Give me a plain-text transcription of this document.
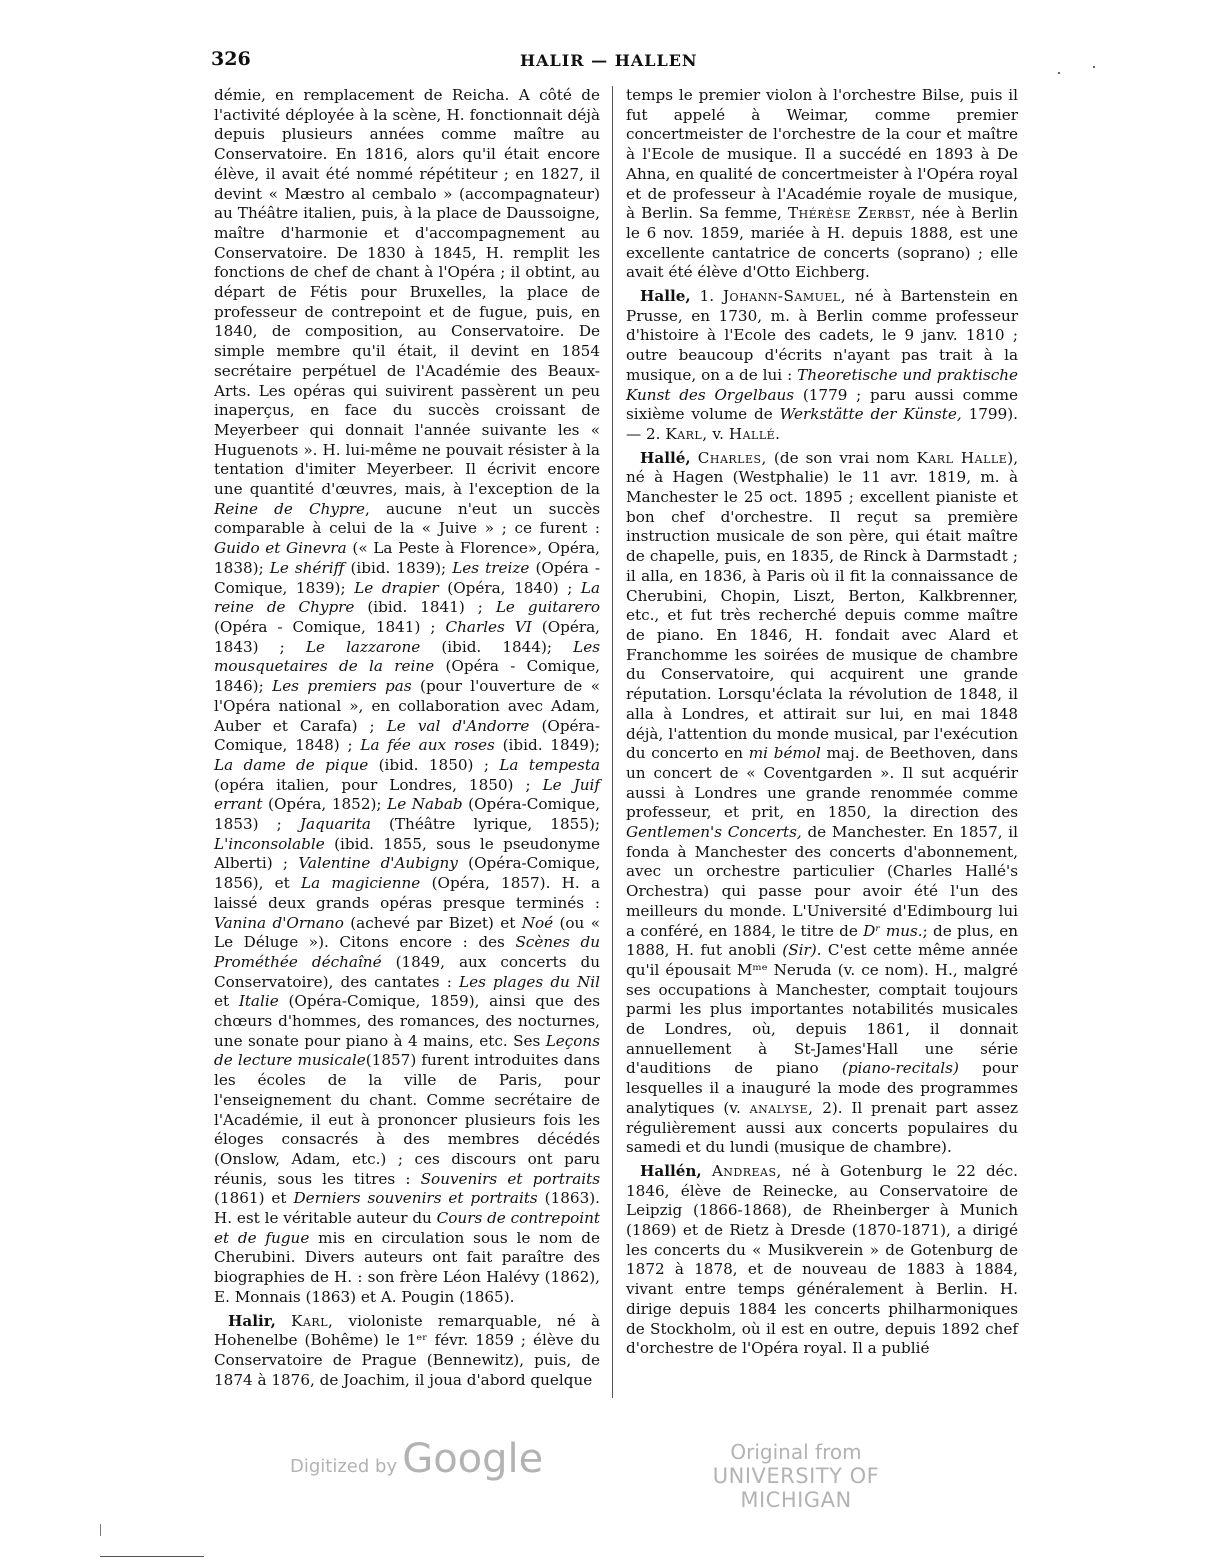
326	HALIR — HALLEN

démie, en remplacement de Reicha. A côté de l'activité déployée à la scène, H. fonctionnait déjà depuis plusieurs années comme maître au Conservatoire. En 1816, alors qu'il était encore élève, il avait été nommé répétiteur ; en 1827, il devint « Mæstro al cembalo » (accompagnateur) au Théâtre italien, puis, à la place de Daussoigne, maître d'harmonie et d'accompagnement au Conservatoire. De 1830 à 1845, H. remplit les fonctions de chef de chant à l'Opéra ; il obtint, au départ de Fétis pour Bruxelles, la place de professeur de contrepoint et de fugue, puis, en 1840, de composition, au Conservatoire. De simple membre qu'il était, il devint en 1854 secrétaire perpétuel de l'Académie des Beaux-Arts. Les opéras qui suivirent passèrent un peu inaperçus, en face du succès croissant de Meyerbeer qui donnait l'année suivante les « Huguenots ». H. lui-même ne pouvait résister à la tentation d'imiter Meyerbeer. Il écrivit encore une quantité d'œuvres, mais, à l'exception de la Reine de Chypre, aucune n'eut un succès comparable à celui de la « Juive » ; ce furent : Guido et Ginevra (« La Peste à Florence», Opéra, 1838); Le shériff (ibid. 1839); Les treize (Opéra - Comique, 1839); Le drapier (Opéra, 1840) ; La reine de Chypre (ibid. 1841) ; Le guitarero (Opéra - Comique, 1841) ; Charles VI (Opéra, 1843) ; Le lazzarone (ibid. 1844); Les mousquetaires de la reine (Opéra - Comique, 1846); Les premiers pas (pour l'ouverture de « l'Opéra national », en collaboration avec Adam, Auber et Carafa) ; Le val d'Andorre (Opéra-Comique, 1848) ; La fée aux roses (ibid. 1849); La dame de pique (ibid. 1850) ; La tempesta (opéra italien, pour Londres, 1850) ; Le Juif errant (Opéra, 1852); Le Nabab (Opéra-Comique, 1853) ; Jaquarita (Théâtre lyrique, 1855); L'inconsolable (ibid. 1855, sous le pseudonyme Alberti) ; Valentine d'Aubigny (Opéra-Comique, 1856), et La magicienne (Opéra, 1857). H. a laissé deux grands opéras presque terminés : Vanina d'Ornano (achevé par Bizet) et Noé (ou « Le Déluge »). Citons encore : des Scènes du Prométhée déchaîné (1849, aux concerts du Conservatoire), des cantates : Les plages du Nil et Italie (Opéra-Comique, 1859), ainsi que des chœurs d'hommes, des romances, des nocturnes, une sonate pour piano à 4 mains, etc. Ses Leçons de lecture musicale(1857) furent introduites dans les écoles de la ville de Paris, pour l'enseignement du chant. Comme secrétaire de l'Académie, il eut à prononcer plusieurs fois les éloges consacrés à des membres décédés (Onslow, Adam, etc.) ; ces discours ont paru réunis, sous les titres : Souvenirs et portraits (1861) et Derniers souvenirs et portraits (1863). H. est le véritable auteur du Cours de contrepoint et de fugue mis en circulation sous le nom de Cherubini. Divers auteurs ont fait paraître des biographies de H. : son frère Léon Halévy (1862), E. Monnais (1863) et A. Pougin (1865).

Halir, Karl, violoniste remarquable, né à Hohenelbe (Bohême) le 1ᵉʳ févr. 1859 ; élève du Conservatoire de Prague (Bennewitz), puis, de 1874 à 1876, de Joachim, il joua d'abord quelque

temps le premier violon à l'orchestre Bilse, puis il fut appelé à Weimar, comme premier concertmeister de l'orchestre de la cour et maître à l'Ecole de musique. Il a succédé en 1893 à De Ahna, en qualité de concertmeister à l'Opéra royal et de professeur à l'Académie royale de musique, à Berlin. Sa femme, Thérèse Zerbst, née à Berlin le 6 nov. 1859, mariée à H. depuis 1888, est une excellente cantatrice de concerts (soprano) ; elle avait été élève d'Otto Eichberg.

Halle, 1. Johann-Samuel, né à Bartenstein en Prusse, en 1730, m. à Berlin comme professeur d'histoire à l'Ecole des cadets, le 9 janv. 1810 ; outre beaucoup d'écrits n'ayant pas trait à la musique, on a de lui : Theoretische und praktische Kunst des Orgelbaus (1779 ; paru aussi comme sixième volume de Werkstätte der Künste, 1799). — 2. Karl, v. Hallé.

Hallé, Charles, (de son vrai nom Karl Halle), né à Hagen (Westphalie) le 11 avr. 1819, m. à Manchester le 25 oct. 1895 ; excellent pianiste et bon chef d'orchestre. Il reçut sa première instruction musicale de son père, qui était maître de chapelle, puis, en 1835, de Rinck à Darmstadt ; il alla, en 1836, à Paris où il fit la connaissance de Cherubini, Chopin, Liszt, Berton, Kalkbrenner, etc., et fut très recherché depuis comme maître de piano. En 1846, H. fondait avec Alard et Franchomme les soirées de musique de chambre du Conservatoire, qui acquirent une grande réputation. Lorsqu'éclata la révolution de 1848, il alla à Londres, et attirait sur lui, en mai 1848 déjà, l'attention du monde musical, par l'exécution du concerto en mi bémol maj. de Beethoven, dans un concert de « Coventgarden ». Il sut acquérir aussi à Londres une grande renommée comme professeur, et prit, en 1850, la direction des Gentlemen's Concerts, de Manchester. En 1857, il fonda à Manchester des concerts d'abonnement, avec un orchestre particulier (Charles Hallé's Orchestra) qui passe pour avoir été l'un des meilleurs du monde. L'Université d'Edimbourg lui a conféré, en 1884, le titre de Dʳ mus.; de plus, en 1888, H. fut anobli (Sir). C'est cette même année qu'il épousait Mᵐᵉ Neruda (v. ce nom). H., malgré ses occupations à Manchester, comptait toujours parmi les plus importantes notabilités musicales de Londres, où, depuis 1861, il donnait annuellement à St-James'Hall une série d'auditions de piano (piano-recitals) pour lesquelles il a inauguré la mode des programmes analytiques (v. analyse, 2). Il prenait part assez régulièrement aussi aux concerts populaires du samedi et du lundi (musique de chambre).

Hallén, Andreas, né à Gotenburg le 22 déc. 1846, élève de Reinecke, au Conservatoire de Leipzig (1866-1868), de Rheinberger à Munich (1869) et de Rietz à Dresde (1870-1871), a dirigé les concerts du « Musikverein » de Gotenburg de 1872 à 1878, et de nouveau de 1883 à 1884, vivant entre temps généralement à Berlin. H. dirige depuis 1884 les concerts philharmoniques de Stockholm, où il est en outre, depuis 1892 chef d'orchestre de l'Opéra royal. Il a publié

Digitized by Google	Original from
UNIVERSITY OF MICHIGAN
